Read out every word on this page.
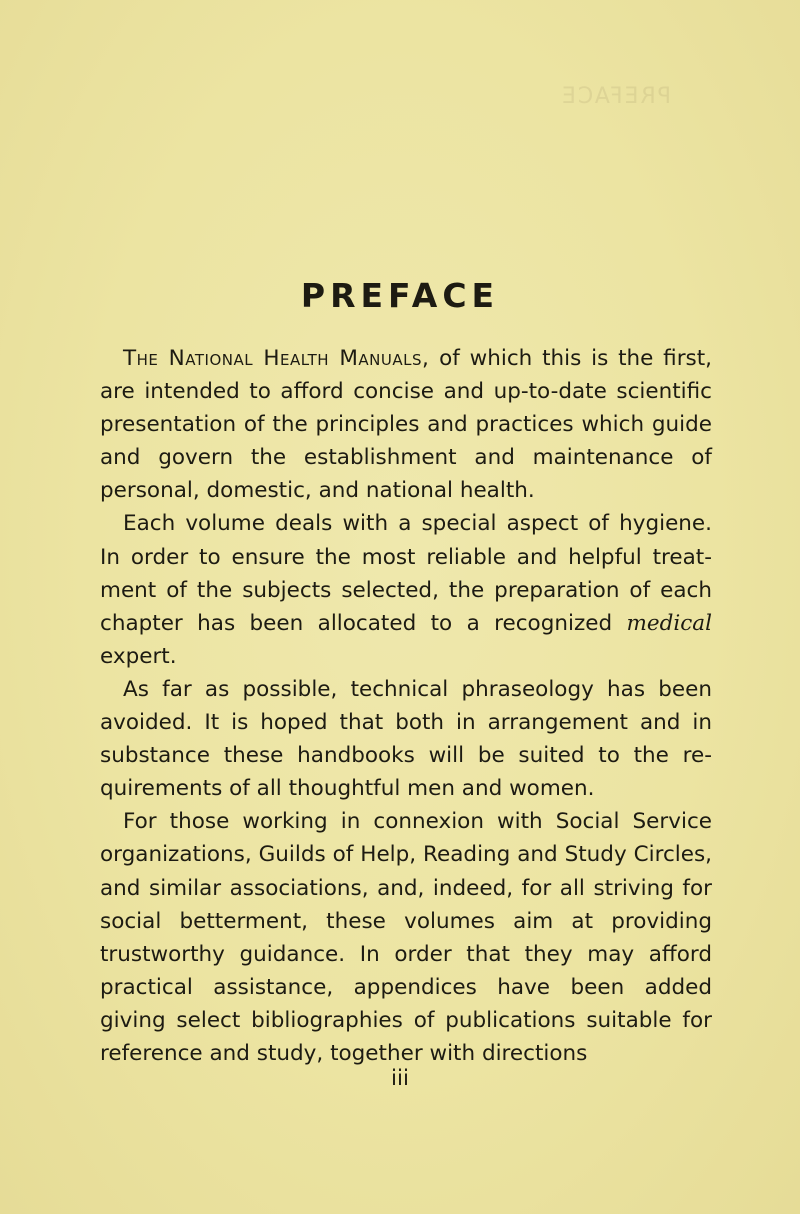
PREFACE
PREFACE

The National Health Manuals, of which this is the first, are intended to afford concise and up-to-date scientific presentation of the principles and practices which guide and govern the establishment and maintenance of personal, domestic, and national health.

Each volume deals with a special aspect of hygiene. In order to ensure the most reliable and helpful treatment of the subjects selected, the preparation of each chapter has been allocated to a recognized medical expert.

As far as possible, technical phraseology has been avoided. It is hoped that both in arrangement and in substance these handbooks will be suited to the requirements of all thoughtful men and women.

For those working in connexion with Social Service organizations, Guilds of Help, Reading and Study Circles, and similar associations, and, indeed, for all striving for social betterment, these volumes aim at providing trustworthy guidance. In order that they may afford practical assistance, appendices have been added giving select bibliographies of publications suitable for reference and study, together with directions

iii
